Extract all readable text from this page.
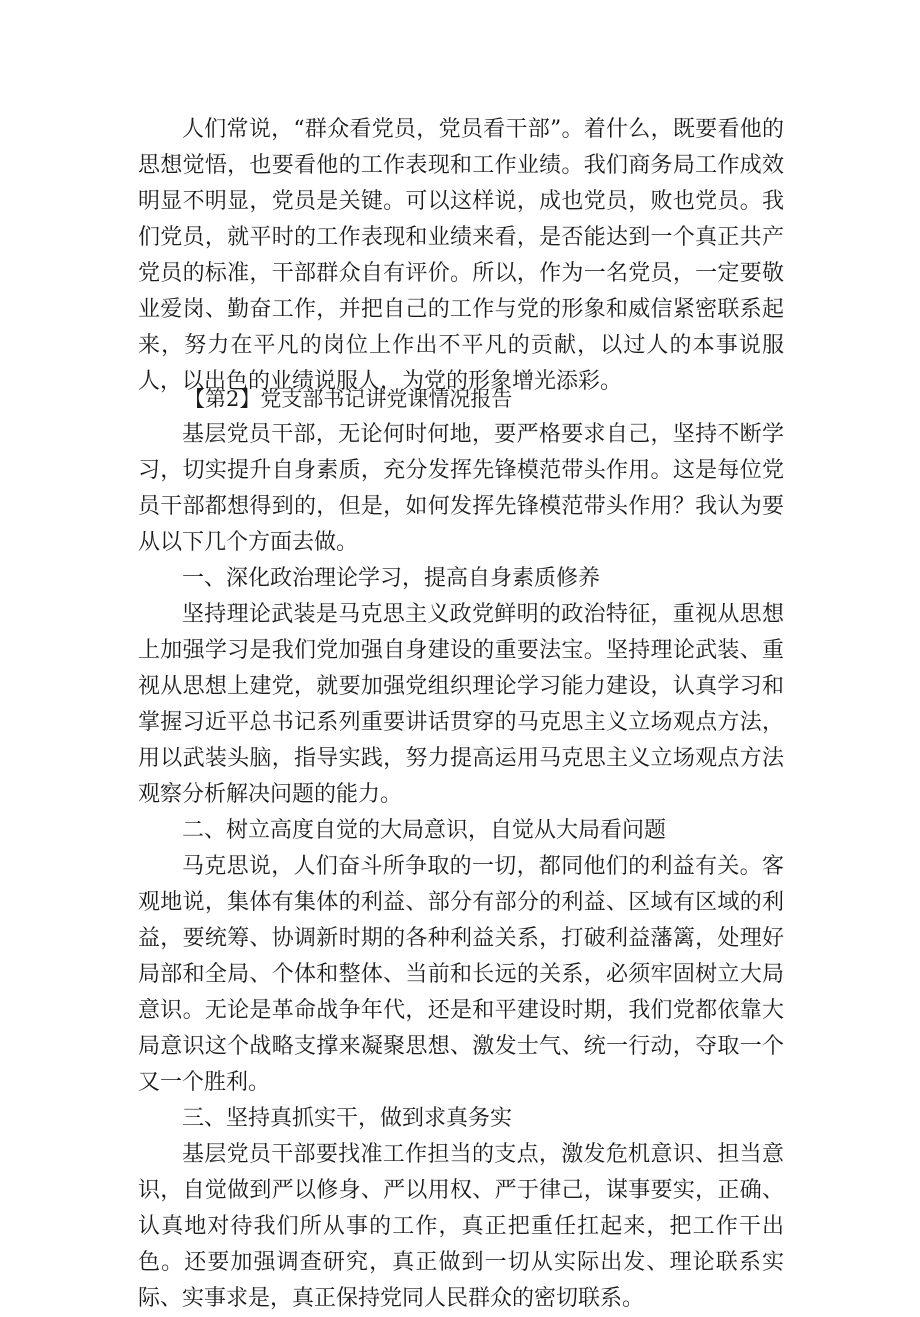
人们常说，“群众看党员，党员看干部”。着什么，既要看他的思想觉悟，也要看他的工作表现和工作业绩。我们商务局工作成效明显不明显，党员是关键。可以这样说，成也党员，败也党员。我们党员，就平时的工作表现和业绩来看，是否能达到一个真正共产党员的标准，干部群众自有评价。所以，作为一名党员，一定要敬业爱岗、勤奋工作，并把自己的工作与党的形象和威信紧密联系起来，努力在平凡的岗位上作出不平凡的贡献，以过人的本事说服人，以出色的业绩说服人，为党的形象增光添彩。

【第2】党支部书记讲党课情况报告

基层党员干部，无论何时何地，要严格要求自己，坚持不断学习，切实提升自身素质，充分发挥先锋模范带头作用。这是每位党员干部都想得到的，但是，如何发挥先锋模范带头作用？我认为要从以下几个方面去做。

一、深化政治理论学习，提高自身素质修养

坚持理论武装是马克思主义政党鲜明的政治特征，重视从思想上加强学习是我们党加强自身建设的重要法宝。坚持理论武装、重视从思想上建党，就要加强党组织理论学习能力建设，认真学习和掌握习近平总书记系列重要讲话贯穿的马克思主义立场观点方法，用以武装头脑，指导实践，努力提高运用马克思主义立场观点方法观察分析解决问题的能力。

二、树立高度自觉的大局意识，自觉从大局看问题

马克思说，人们奋斗所争取的一切，都同他们的利益有关。客观地说，集体有集体的利益、部分有部分的利益、区域有区域的利益，要统筹、协调新时期的各种利益关系，打破利益藩篱，处理好局部和全局、个体和整体、当前和长远的关系，必须牢固树立大局意识。无论是革命战争年代，还是和平建设时期，我们党都依靠大局意识这个战略支撑来凝聚思想、激发士气、统一行动，夺取一个又一个胜利。

三、坚持真抓实干，做到求真务实

基层党员干部要找准工作担当的支点，激发危机意识、担当意识，自觉做到严以修身、严以用权、严于律己，谋事要实，正确、认真地对待我们所从事的工作，真正把重任扛起来，把工作干出色。还要加强调查研究，真正做到一切从实际出发、理论联系实际、实事求是，真正保持党同人民群众的密切联系。
